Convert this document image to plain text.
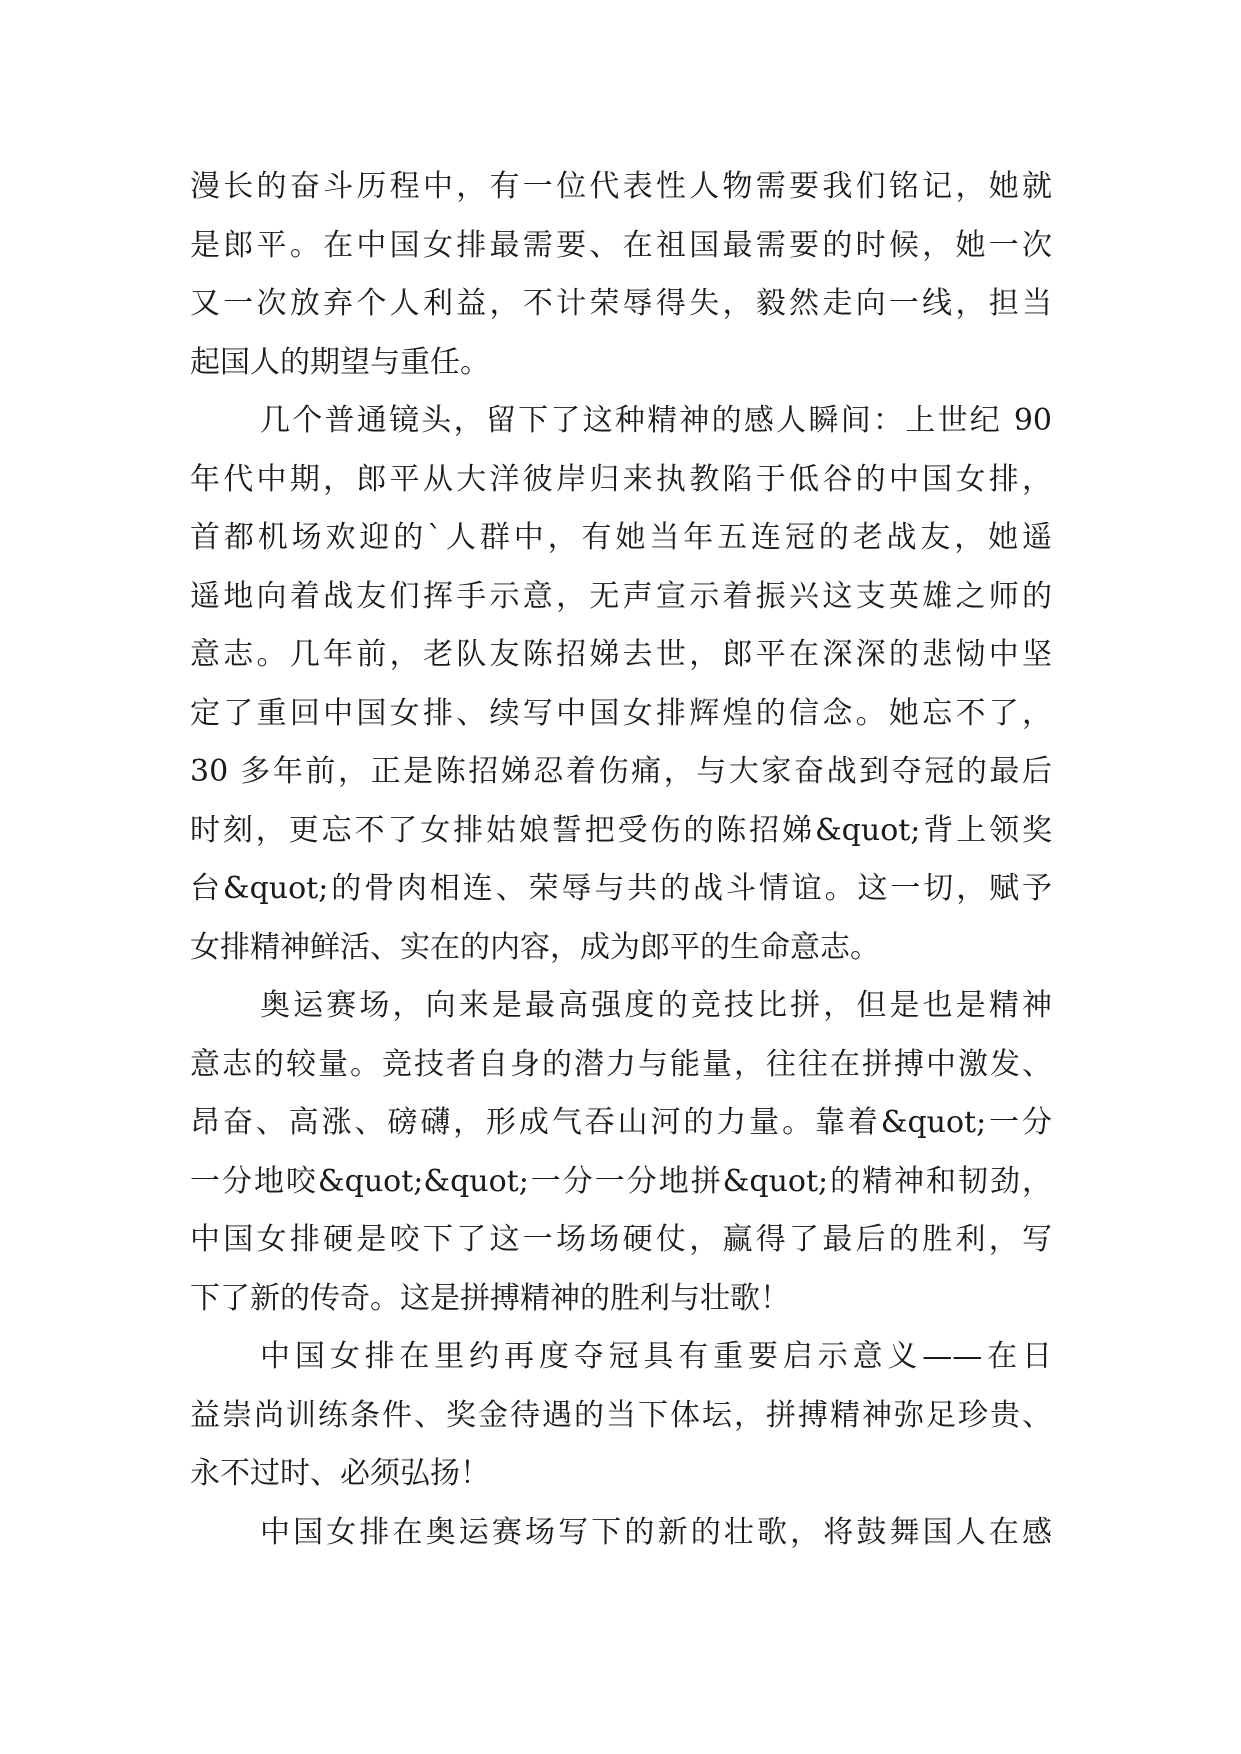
漫长的奋斗历程中，有一位代表性人物需要我们铭记，她就
是郎平。在中国女排最需要、在祖国最需要的时候，她一次
又一次放弃个人利益，不计荣辱得失，毅然走向一线，担当
起国人的期望与重任。
几个普通镜头，留下了这种精神的感人瞬间：上世纪 90
年代中期，郎平从大洋彼岸归来执教陷于低谷的中国女排，
首都机场欢迎的`人群中，有她当年五连冠的老战友，她遥
遥地向着战友们挥手示意，无声宣示着振兴这支英雄之师的
意志。几年前，老队友陈招娣去世，郎平在深深的悲恸中坚
定了重回中国女排、续写中国女排辉煌的信念。她忘不了，
30 多年前，正是陈招娣忍着伤痛，与大家奋战到夺冠的最后
时刻，更忘不了女排姑娘誓把受伤的陈招娣&quot;背上领奖
台&quot;的骨肉相连、荣辱与共的战斗情谊。这一切，赋予
女排精神鲜活、实在的内容，成为郎平的生命意志。
奥运赛场，向来是最高强度的竞技比拼，但是也是精神
意志的较量。竞技者自身的潜力与能量，往往在拼搏中激发、
昂奋、高涨、磅礴，形成气吞山河的力量。靠着&quot;一分
一分地咬&quot;&quot;一分一分地拼&quot;的精神和韧劲，
中国女排硬是咬下了这一场场硬仗，赢得了最后的胜利，写
下了新的传奇。这是拼搏精神的胜利与壮歌！
中国女排在里约再度夺冠具有重要启示意义——在日
益崇尚训练条件、奖金待遇的当下体坛，拼搏精神弥足珍贵、
永不过时、必须弘扬！
中国女排在奥运赛场写下的新的壮歌，将鼓舞国人在感
